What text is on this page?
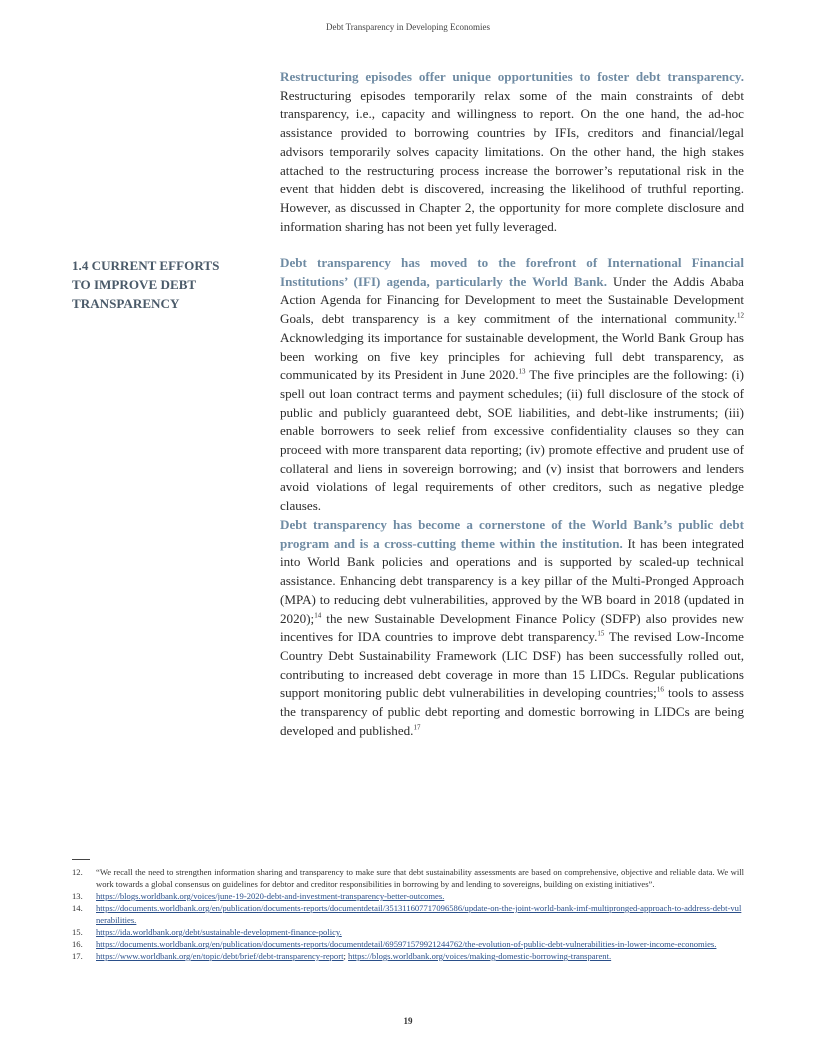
Debt Transparency in Developing Economies

Restructuring episodes offer unique opportunities to foster debt transparency. Restructuring episodes temporarily relax some of the main constraints of debt transparency, i.e., capacity and willingness to report. On the one hand, the ad-hoc assistance provided to borrowing countries by IFIs, creditors and financial/legal advisors temporarily solves capacity limitations. On the other hand, the high stakes attached to the restructuring process increase the borrower’s reputational risk in the event that hidden debt is discovered, increasing the likelihood of truthful reporting. However, as discussed in Chapter 2, the opportunity for more complete disclosure and information sharing has not been yet fully leveraged.

1.4 CURRENT EFFORTS
TO IMPROVE DEBT
TRANSPARENCY

Debt transparency has moved to the forefront of International Financial Institutions’ (IFI) agenda, particularly the World Bank. Under the Addis Ababa Action Agenda for Financing for Development to meet the Sustainable Development Goals, debt transparency is a key commitment of the international community.$^{12}$ Acknowledging its importance for sustainable development, the World Bank Group has been working on five key principles for achieving full debt transparency, as communicated by its President in June 2020.13 The five principles are the following: (i) spell out loan contract terms and payment schedules; (ii) full disclosure of the stock of public and publicly guaranteed debt, SOE liabilities, and debt-like instruments; (iii) enable borrowers to seek relief from excessive confidentiality clauses so they can proceed with more transparent data reporting; (iv) promote effective and prudent use of collateral and liens in sovereign borrowing; and (v) insist that borrowers and lenders avoid violations of legal requirements of other creditors, such as negative pledge clauses.

Debt transparency has become a cornerstone of the World Bank’s public debt program and is a cross-cutting theme within the institution. It has been integrated into World Bank policies and operations and is supported by scaled-up technical assistance. Enhancing debt transparency is a key pillar of the Multi-Pronged Approach (MPA) to reducing debt vulnerabilities, approved by the WB board in 2018 (updated in 2020);$^{14}$ the new Sustainable Development Finance Policy (SDFP) also provides new incentives for IDA countries to improve debt transparency.$^{15}$ The revised Low-Income Country Debt Sustainability Framework (LIC DSF) has been successfully rolled out, contributing to increased debt coverage in more than 15 LIDCs. Regular publications support monitoring public debt vulnerabilities in developing countries;$^{16}$ tools to assess the transparency of public debt reporting and domestic borrowing in LIDCs are being developed and published.$^{17}$

12.	“We recall the need to strengthen information sharing and transparency to make sure that debt sustainability assessments are based on comprehensive, objective and reliable data. We will work towards a global consensus on guidelines for debtor and creditor responsibilities in borrowing by and lending to sovereigns, building on existing initiatives”.
13.	https://blogs.worldbank.org/voices/june-19-2020-debt-and-investment-transparency-better-outcomes.
14.	https://documents.worldbank.org/en/publication/documents-reports/documentdetail/351311607717096586/update-on-the-joint-world-bank-imf-multipronged-approach-to-address-debt-vulnerabilities.
15.	https://ida.worldbank.org/debt/sustainable-development-finance-policy.
16.	https://documents.worldbank.org/en/publication/documents-reports/documentdetail/695971579921244762/the-evolution-of-public-debt-vulnerabilities-in-lower-income-economies.
17.	https://www.worldbank.org/en/topic/debt/brief/debt-transparency-report; https://blogs.worldbank.org/voices/making-domestic-borrowing-transparent.
19
